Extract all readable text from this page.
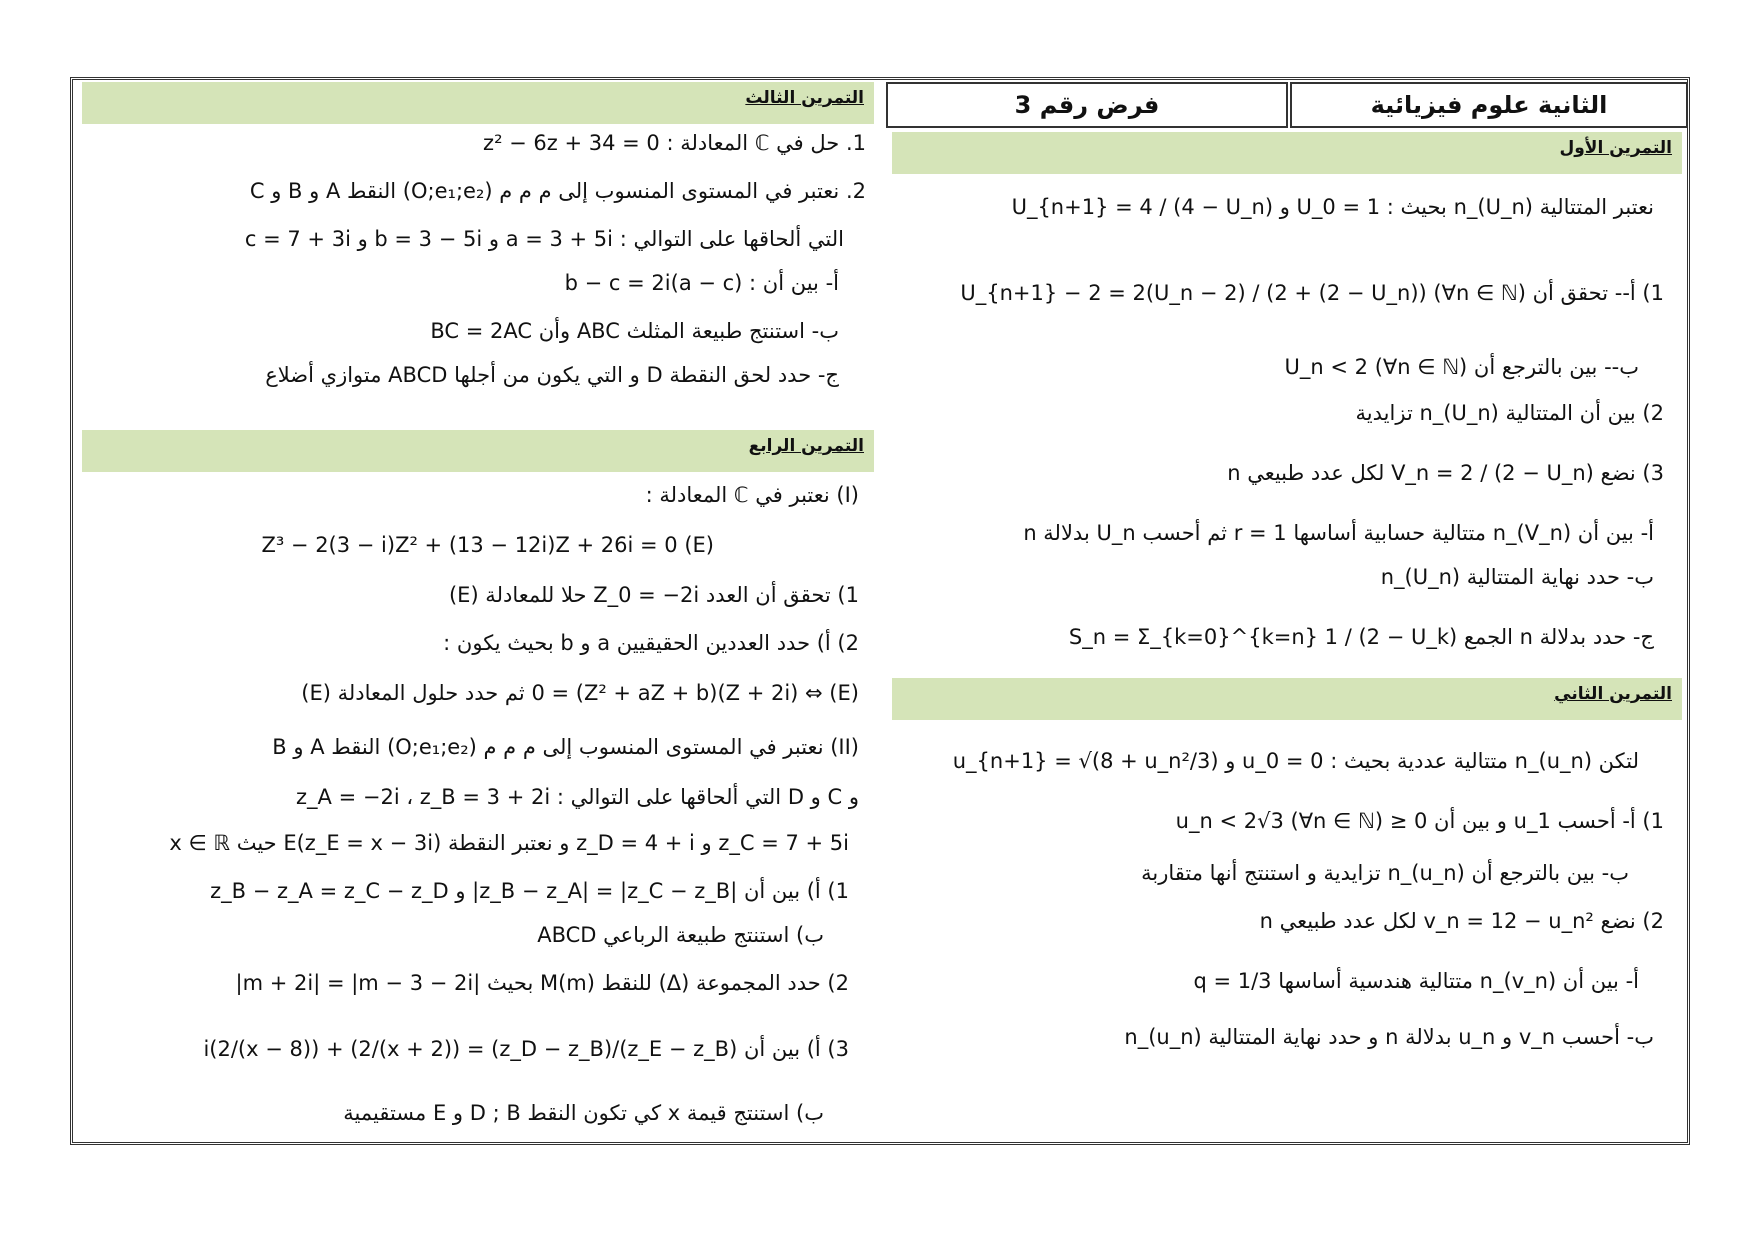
الثانية علوم فيزيائية
فرض رقم 3
التمرين الثالث
1. حل في ℂ المعادلة : z² − 6z + 34 = 0
2. نعتبر في المستوى المنسوب إلى م م م (O;e₁;e₂) النقط A و B و C
التي ألحاقها على التوالي : a = 3 + 5i و b = 3 − 5i و c = 7 + 3i
أ- بين أن : b − c = 2i(a − c)
ب- استنتج طبيعة المثلث ABC وأن BC = 2AC
ج- حدد لحق النقطة D و التي يكون من أجلها ABCD متوازي أضلاع
التمرين الرابع
(I) نعتبر في ℂ المعادلة :
(E) Z³ − 2(3 − i)Z² + (13 − 12i)Z + 26i = 0
1) تحقق أن العدد Z_0 = −2i حلا للمعادلة (E)
2) أ) حدد العددين الحقيقيين a و b بحيث يكون :
(E) ⇔ (Z + 2i)(Z² + aZ + b) = 0 ثم حدد حلول المعادلة (E)
(II) نعتبر في المستوى المنسوب إلى م م م (O;e₁;e₂) النقط A و B
و C و D التي ألحاقها على التوالي : z_A = −2i ، z_B = 3 + 2i
z_C = 7 + 5i و z_D = 4 + i و نعتبر النقطة E(z_E = x − 3i) حيث x ∈ ℝ
1) أ) بين أن |z_B − z_A| = |z_C − z_B| و z_B − z_A = z_C − z_D
ب) استنتج طبيعة الرباعي ABCD
2) حدد المجموعة (Δ) للنقط M(m) بحيث |m + 2i| = |m − 3 − 2i|
3) أ) بين أن (z_E − z_B)/(z_D − z_B) = ((x + 2)/2) + ((x − 8)/2)i
ب) استنتج قيمة x كي تكون النقط D ; B و E مستقيمية
التمرين الأول
نعتبر المتتالية (U_n)_n بحيث : U_0 = 1 و U_{n+1} = 4 / (4 − U_n)
1) أ-- تحقق أن U_{n+1} − 2 = 2(U_n − 2) / (2 + (2 − U_n)) (∀n ∈ ℕ)
ب-- بين بالترجع أن U_n < 2 (∀n ∈ ℕ)
2) بين أن المتتالية (U_n)_n تزايدية
3) نضع V_n = 2 / (2 − U_n) لكل عدد طبيعي n
أ- بين أن (V_n)_n متتالية حسابية أساسها r = 1 ثم أحسب U_n بدلالة n
ب- حدد نهاية المتتالية (U_n)_n
ج- حدد بدلالة n الجمع S_n = Σ_{k=0}^{k=n} 1 / (2 − U_k)
التمرين الثاني
لتكن (u_n)_n متتالية عددية بحيث : u_0 = 0 و u_{n+1} = √(8 + u_n²/3)
1) أ- أحسب u_1 و بين أن 0 ≤ u_n < 2√3 (∀n ∈ ℕ)
ب- بين بالترجع أن (u_n)_n تزايدية و استنتج أنها متقاربة
2) نضع v_n = 12 − u_n² لكل عدد طبيعي n
أ- بين أن (v_n)_n متتالية هندسية أساسها q = 1/3
ب- أحسب v_n و u_n بدلالة n و حدد نهاية المتتالية (u_n)_n
